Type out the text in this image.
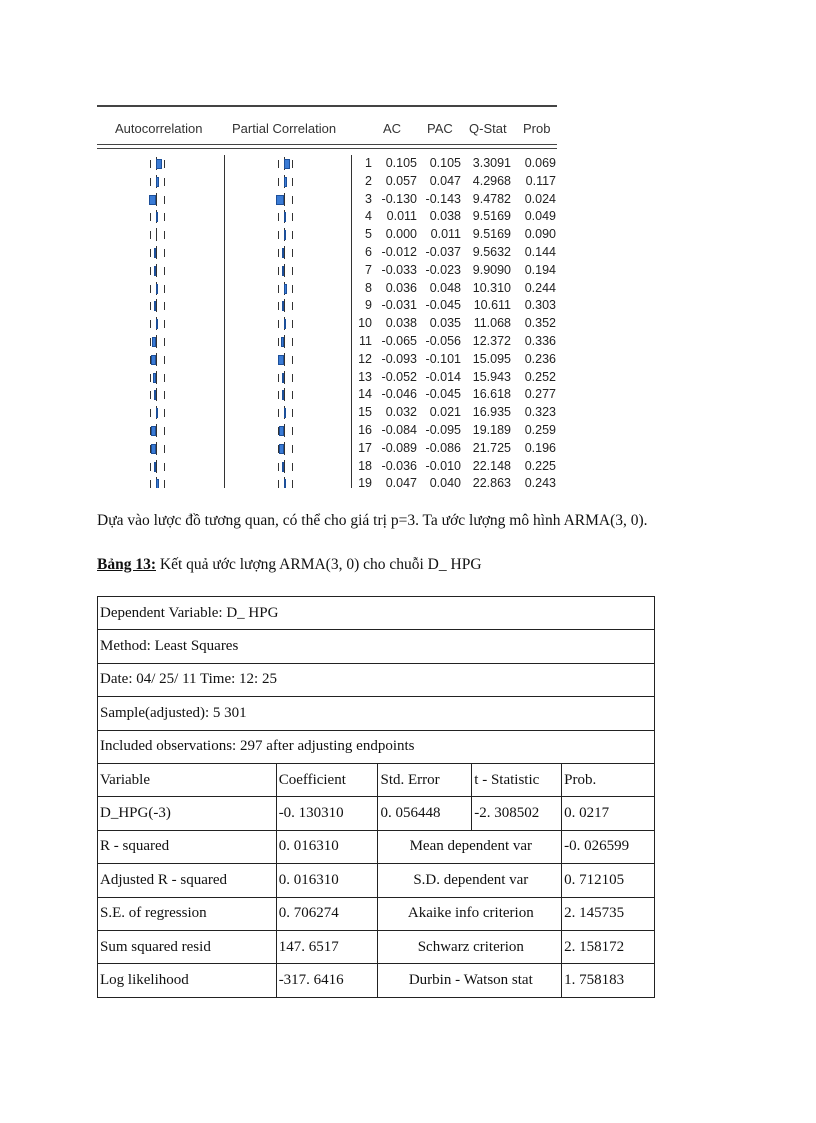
Autocorrelation Partial Correlation	AC PAC Q-Stat Prob
1	0.105	0.105 3.3091	0.069
2	0.057	0.047 4.2968	0.117
3 -0.130 -0.143 9.4782	0.024
4	0.011	0.038 9.5169	0.049
5	0.000	0.011 9.5169	0.090
6 -0.012 -0.037 9.5632	0.144
7 -0.033 -0.023 9.9090	0.194
8	0.036	0.048 10.310	0.244
9 -0.031 -0.045	10.611	0.303
10	0.038	0.035	11.068	0.352
11 -0.065 -0.056 12.372	0.336
12 -0.093 -0.101 15.095	0.236
13 -0.052 -0.014 15.943	0.252
14 -0.046 -0.045 16.618	0.277
15	0.032	0.021 16.935	0.323
16 -0.084 -0.095 19.189	0.259
17 -0.089 -0.086 21.725	0.196
18 -0.036 -0.010 22.148	0.225
19	0.047	0.040 22.863	0.243
Dựa vào lược đồ tương quan, có thể cho giá trị p=3. Ta ước lượng mô hình ARMA(3, 0).
Bảng 13: Kết quả ước lượng ARMA(3, 0) cho chuỗi D_ HPG
Dependent Variable: D_ HPG				
Method: Least Squares				
Date: 04/ 25/ 11 Time: 12: 25				
Sample(adjusted): 5 301				
Included observations: 297 after adjusting endpoints				
Variable	Coefficient	Std. Error	t - Statistic	Prob.
D_HPG(-3)	-0. 130310	0. 056448	-2. 308502	0. 0217
R - squared	0. 016310	Mean dependent var		-0. 026599
Adjusted R - squared	0. 016310	S.D. dependent var		0. 712105
S.E. of regression	0. 706274	Akaike info criterion		2. 145735
Sum squared resid	147. 6517	Schwarz criterion		2. 158172
Log likelihood	-317. 6416	Durbin - Watson stat		1. 758183
